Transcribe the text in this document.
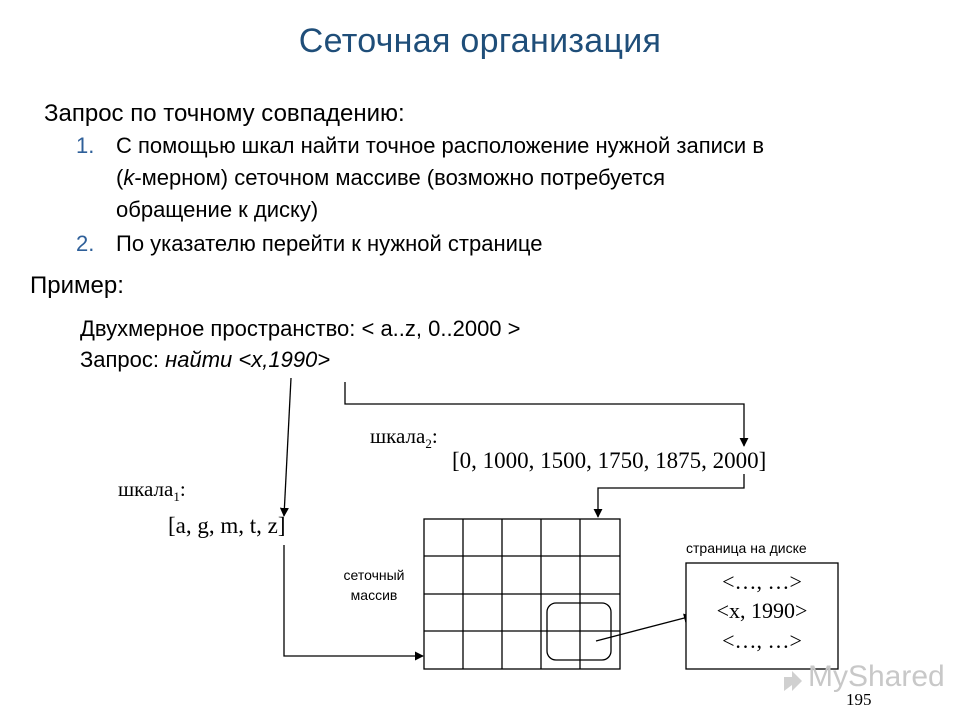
Сеточная организация
Запрос по точному совпадению:
1. С помощью шкал найти точное расположение нужной записи в
(k-мерном) сеточном массиве (возможно потребуется
обращение к диску)
2. По указателю перейти к нужной странице
Пример:
Двухмерное пространство: < a..z, 0..2000 >
Запрос: найти <x,1990>
шкала$_2$:
[0, 1000, 1500, 1750, 1875, 2000]
шкала$_1$:
[a, g, m, t, z]
сеточный
массив
страница на диске
<…, …>
<x, 1990>
<…, …>
MyShared
195
